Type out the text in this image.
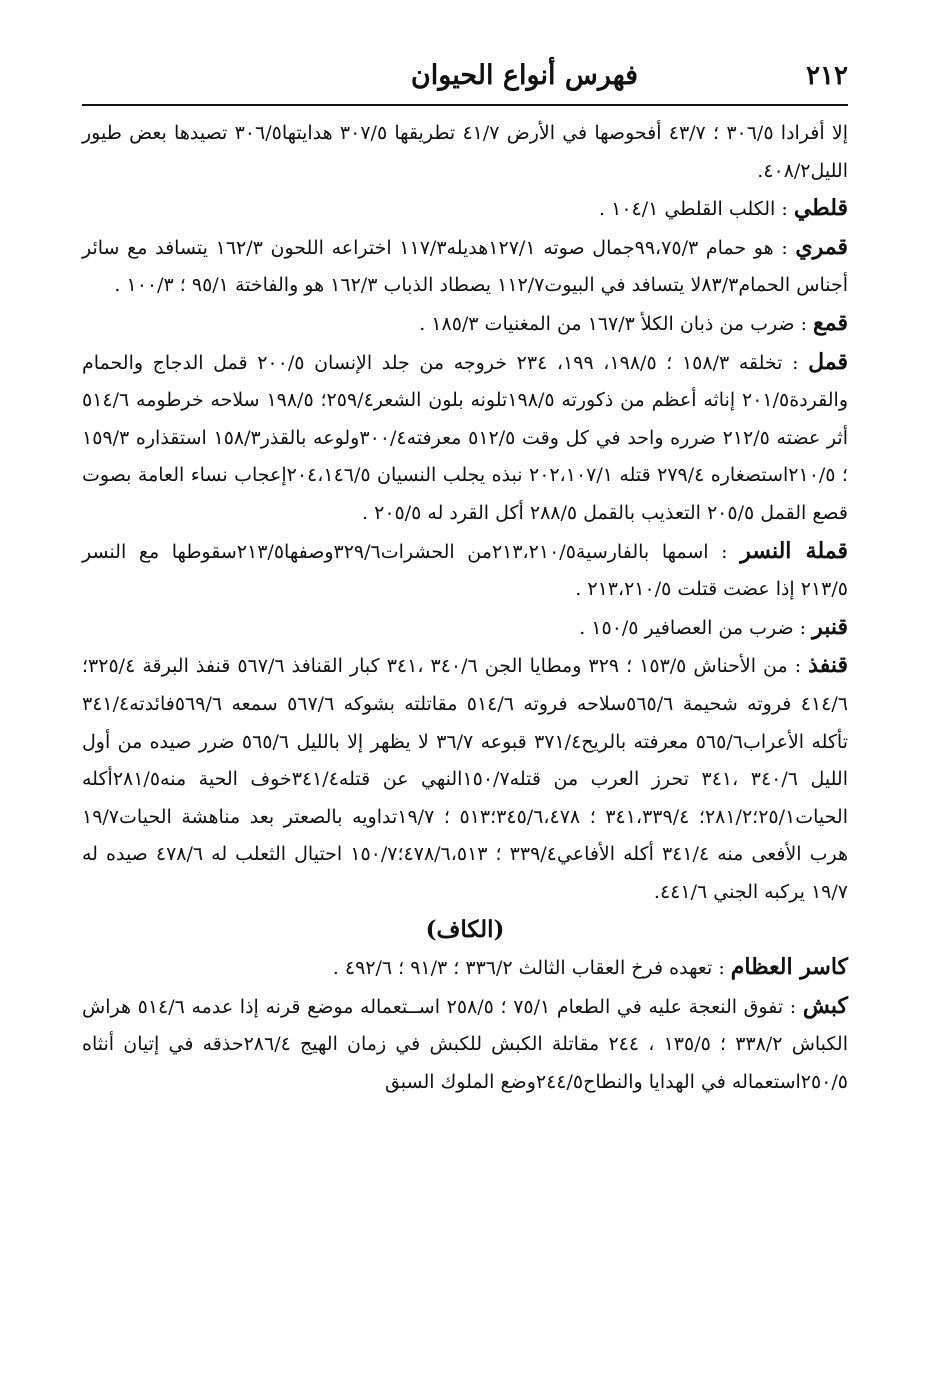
٢١٢
فهرس أنواع الحيوان

إلا أفرادا ٣٠٦/٥ ؛ ٤٣/٧ أفحوصها في الأرض ٤١/٧ تطريقها ٣٠٧/٥ هدايتها٣٠٦/٥ تصيدها بعض طيور الليل٤٠٨/٢.

قلطي : الكلب القلطي ١٠٤/١ .

قمري : هو حمام ٩٩،٧٥/٣جمال صوته ١٢٧/١هديله١١٧/٣ اختراعه اللحون ١٦٢/٣ يتسافد مع سائر أجناس الحمام٨٣/٣لا يتسافد في البيوت١١٢/٧ يصطاد الذباب ١٦٢/٣ هو والفاختة ٩٥/١ ؛ ١٠٠/٣ .

قمع : ضرب من ذبان الكلأ ١٦٧/٣ من المغنيات ١٨٥/٣ .

قمل : تخلقه ١٥٨/٣ ؛ ١٩٨/٥، ١٩٩، ٢٣٤ خروجه من جلد الإنسان ٢٠٠/٥ قمل الدجاج والحمام والقردة٢٠١/٥ إناثه أعظم من ذكورته ١٩٨/٥تلونه بلون الشعر٢٥٩/٤؛ ١٩٨/٥ سلاحه خرطومه ٥١٤/٦ أثر عضته ٢١٢/٥ ضرره واحد في كل وقت ٥١٢/٥ معرفته٣٠٠/٤ولوعه بالقذر١٥٨/٣ استقذاره ١٥٩/٣ ؛ ٢١٠/٥استصغاره ٢٧٩/٤ قتله ٢٠٢،١٠٧/١ نبذه يجلب النسيان ٢٠٤،١٤٦/٥إعجاب نساء العامة بصوت قصع القمل ٢٠٥/٥ التعذيب بالقمل ٢٨٨/٥ أكل القرد له ٢٠٥/٥ .

قملة النسر : اسمها بالفارسية٢١٣،٢١٠/٥من الحشرات٣٢٩/٦وصفها٢١٣/٥سقوطها مع النسر ٢١٣/٥ إذا عضت قتلت ٢١٣،٢١٠/٥ .

قنبر : ضرب من العصافير ١٥٠/٥ .

قنفذ : من الأحناش ١٥٣/٥ ؛ ٣٢٩ ومطايا الجن ٣٤٠/٦ ،٣٤١ كبار القنافذ ٥٦٧/٦ قنفذ البرقة ٣٢٥/٤؛٤١٤/٦ فروته شحيمة ٥٦٥/٦سلاحه فروته ٥١٤/٦ مقاتلته بشوكه ٥٦٧/٦ سمعه ٥٦٩/٦فائدته٣٤١/٤ تأكله الأعراب٥٦٥/٦ معرفته بالريح٣٧١/٤ قبوعه ٣٦/٧ لا يظهر إلا بالليل ٥٦٥/٦ ضرر صيده من أول الليل ٣٤٠/٦ ،٣٤١ تحرز العرب من قتله١٥٠/٧النهي عن قتله٣٤١/٤خوف الحية منه٢٨١/٥أكله الحيات٢٥/١؛٢٨١/٢؛ ٣٤١،٣٣٩/٤ ؛ ٣٤٥/٦،٤٧٨؛٥١٣ ؛ ١٩/٧تداويه بالصعتر بعد مناهشة الحيات١٩/٧ هرب الأفعى منه ٣٤١/٤ أكله الأفاعي٣٣٩/٤ ؛ ٤٧٨/٦،٥١٣؛١٥٠/٧ احتيال الثعلب له ٤٧٨/٦ صيده له ١٩/٧ يركبه الجني ٤٤١/٦.

(الكاف)

كاسر العظام : تعهده فرخ العقاب الثالث ٣٣٦/٢ ؛ ٩١/٣ ؛ ٤٩٢/٦ .

كبش : تفوق النعجة عليه في الطعام ٧٥/١ ؛ ٢٥٨/٥ اســتعماله موضع قرنه إذا عدمه ٥١٤/٦ هراش الكباش ٣٣٨/٢ ؛ ١٣٥/٥ ، ٢٤٤ مقاتلة الكبش للكبش في زمان الهيج ٢٨٦/٤حذقه في إتيان أنثاه ٢٥٠/٥استعماله في الهدايا والنطاح٢٤٤/٥وضع الملوك السبق
